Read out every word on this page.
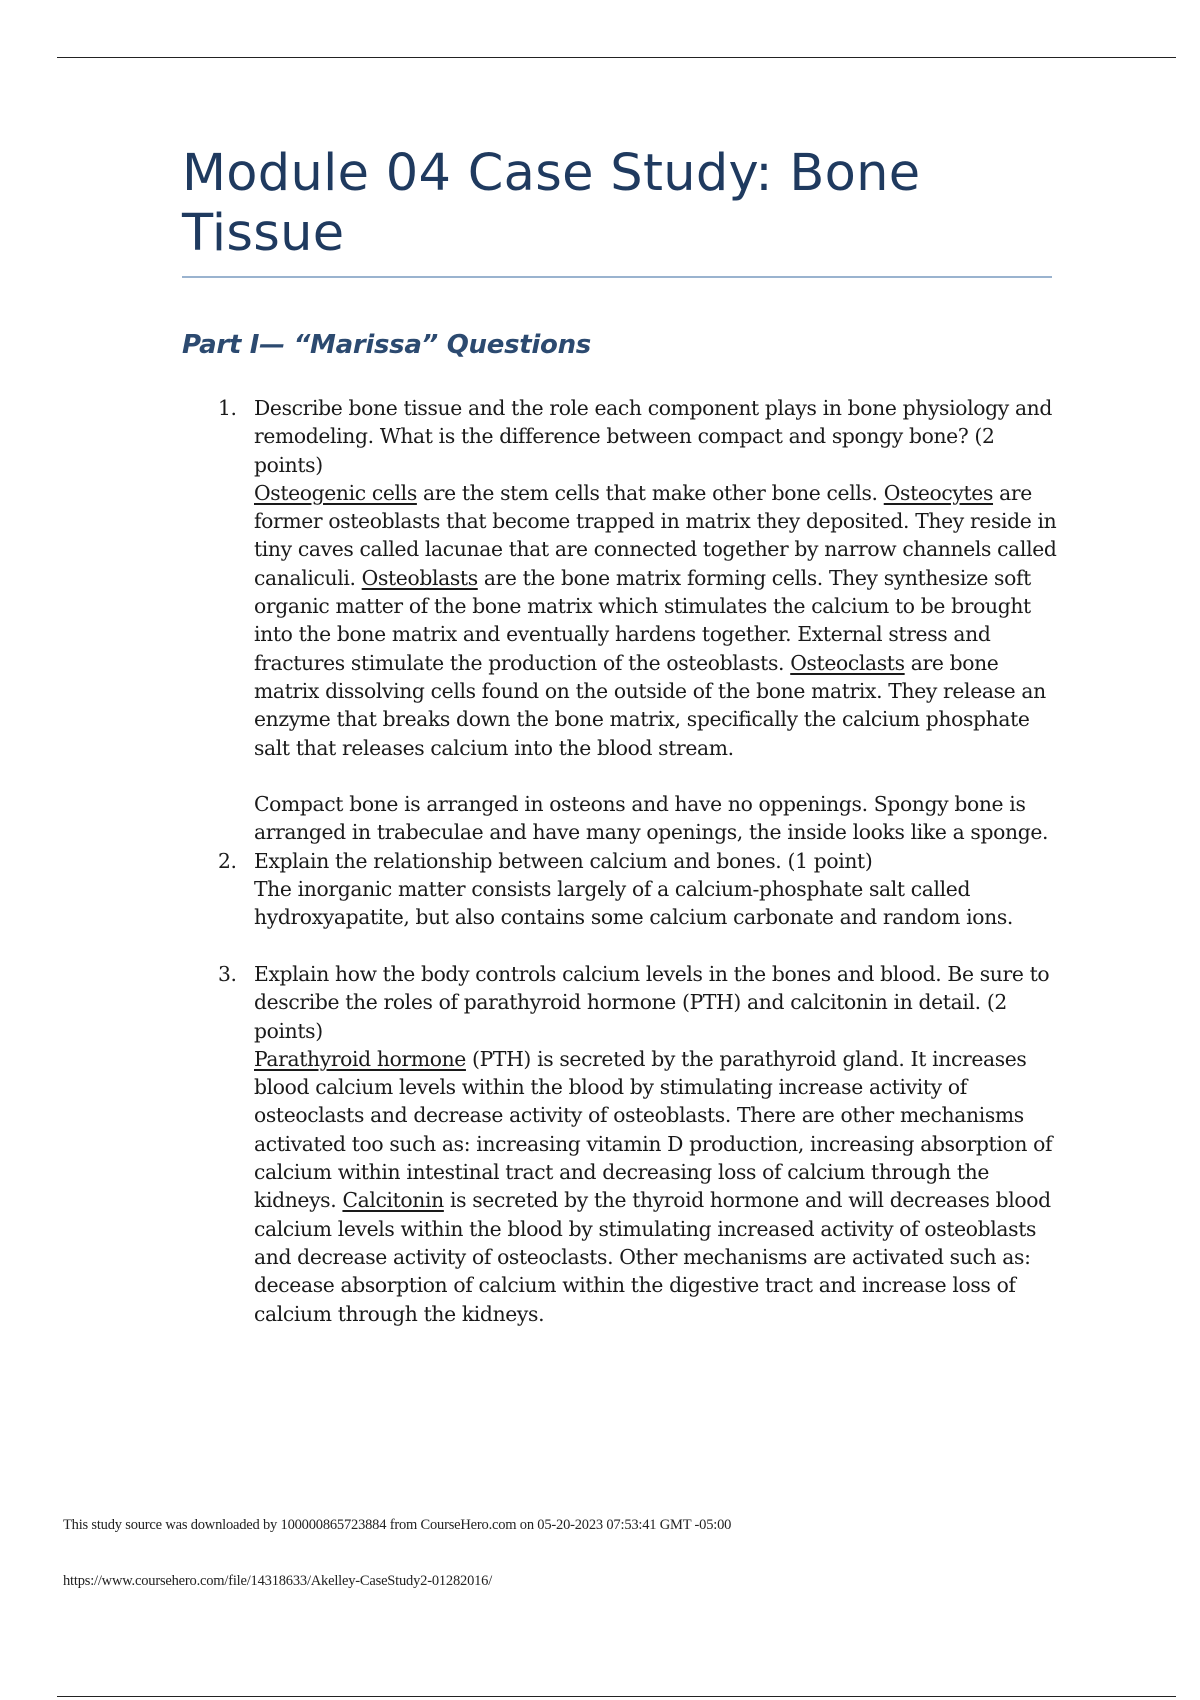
Module 04 Case Study: Bone Tissue
Part I— “Marissa” Questions
1. Describe bone tissue and the role each component plays in bone physiology and remodeling. What is the difference between compact and spongy bone? (2 points)
Osteogenic cells are the stem cells that make other bone cells. Osteocytes are former osteoblasts that become trapped in matrix they deposited. They reside in tiny caves called lacunae that are connected together by narrow channels called canaliculi. Osteoblasts are the bone matrix forming cells. They synthesize soft organic matter of the bone matrix which stimulates the calcium to be brought into the bone matrix and eventually hardens together. External stress and fractures stimulate the production of the osteoblasts. Osteoclasts are bone matrix dissolving cells found on the outside of the bone matrix. They release an enzyme that breaks down the bone matrix, specifically the calcium phosphate salt that releases calcium into the blood stream.
Compact bone is arranged in osteons and have no oppenings. Spongy bone is arranged in trabeculae and have many openings, the inside looks like a sponge.
2. Explain the relationship between calcium and bones. (1 point)
The inorganic matter consists largely of a calcium-phosphate salt called hydroxyapatite, but also contains some calcium carbonate and random ions.
3. Explain how the body controls calcium levels in the bones and blood. Be sure to describe the roles of parathyroid hormone (PTH) and calcitonin in detail. (2 points)
Parathyroid hormone (PTH) is secreted by the parathyroid gland. It increases blood calcium levels within the blood by stimulating increase activity of osteoclasts and decrease activity of osteoblasts. There are other mechanisms activated too such as: increasing vitamin D production, increasing absorption of calcium within intestinal tract and decreasing loss of calcium through the kidneys. Calcitonin is secreted by the thyroid hormone and will decreases blood calcium levels within the blood by stimulating increased activity of osteoblasts and decrease activity of osteoclasts. Other mechanisms are activated such as: decease absorption of calcium within the digestive tract and increase loss of calcium through the kidneys.
This study source was downloaded by 100000865723884 from CourseHero.com on 05-20-2023 07:53:41 GMT -05:00
https://www.coursehero.com/file/14318633/Akelley-CaseStudy2-01282016/
